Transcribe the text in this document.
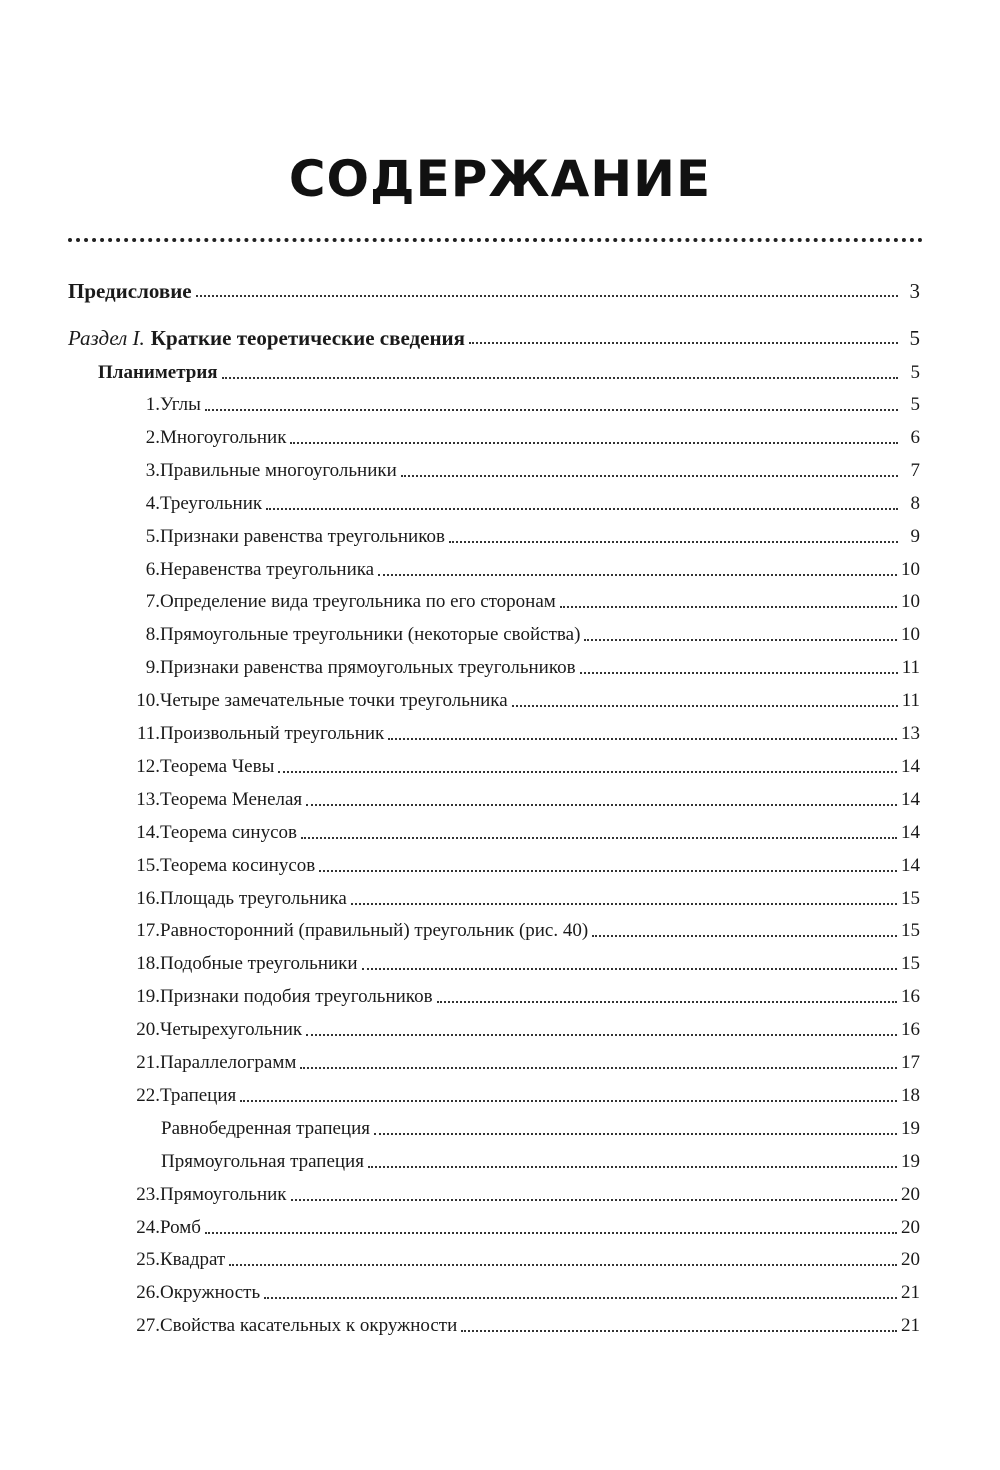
СОДЕРЖАНИЕ
Предисловие	3
Раздел I. Краткие теоретические сведения	5
Планиметрия	5
1. Углы	5
2. Многоугольник	6
3. Правильные многоугольники	7
4. Треугольник	8
5. Признаки равенства треугольников	9
6. Неравенства треугольника	10
7. Определение вида треугольника по его сторонам	10
8. Прямоугольные треугольники (некоторые свойства)	10
9. Признаки равенства прямоугольных треугольников	11
10. Четыре замечательные точки треугольника	11
11. Произвольный треугольник	13
12. Теорема Чевы	14
13. Теорема Менелая	14
14. Теорема синусов	14
15. Теорема косинусов	14
16. Площадь треугольника	15
17. Равносторонний (правильный) треугольник (рис. 40)	15
18. Подобные треугольники	15
19. Признаки подобия треугольников	16
20. Четырехугольник	16
21. Параллелограмм	17
22. Трапеция	18
Равнобедренная трапеция	19
Прямоугольная трапеция	19
23. Прямоугольник	20
24. Ромб	20
25. Квадрат	20
26. Окружность	21
27. Свойства касательных к окружности	21
